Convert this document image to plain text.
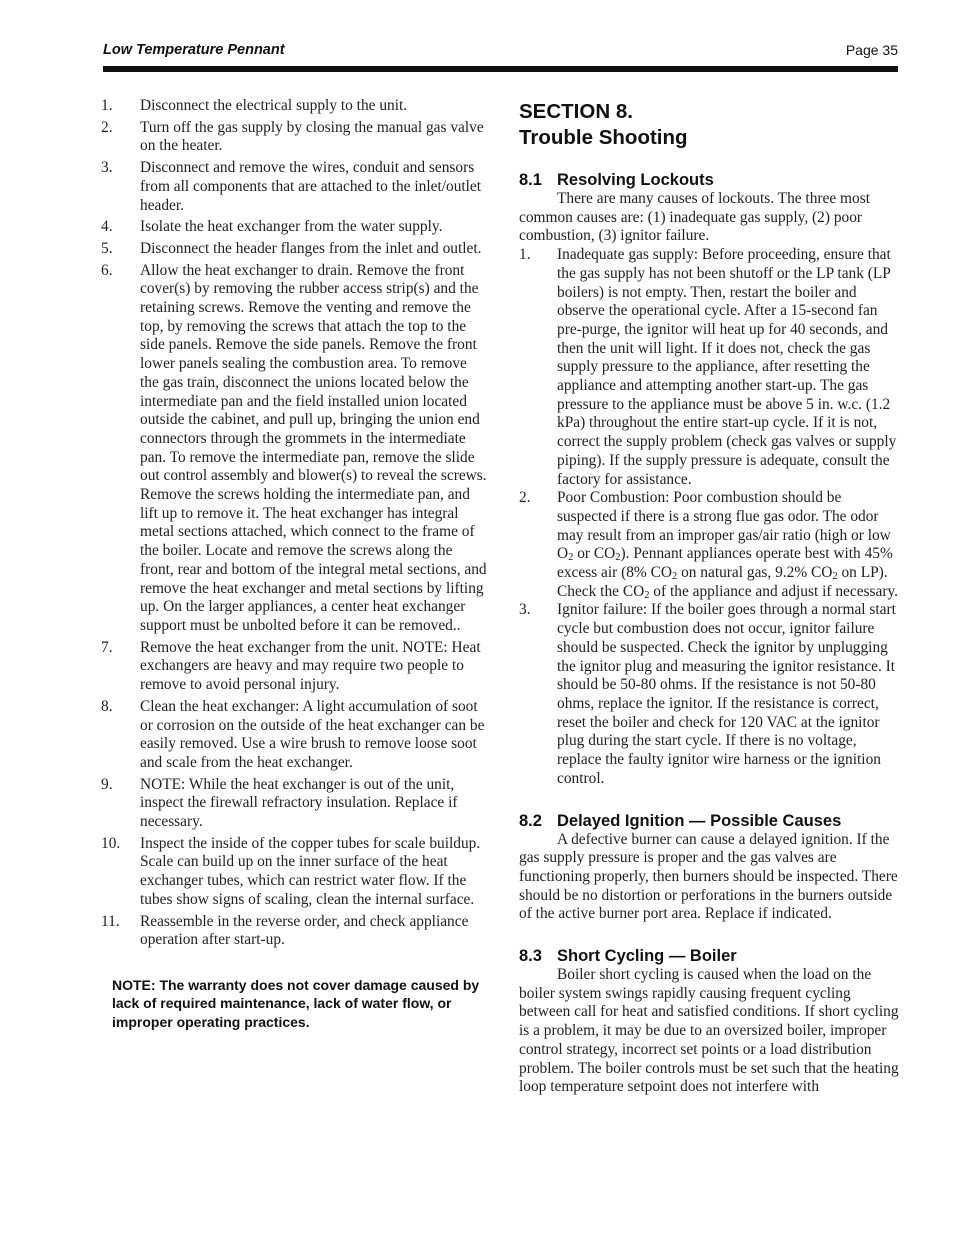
Low Temperature Pennant	Page 35
1. Disconnect the electrical supply to the unit.
2. Turn off the gas supply by closing the manual gas valve on the heater.
3. Disconnect and remove the wires, conduit and sensors from all components that are attached to the inlet/outlet header.
4. Isolate the heat exchanger from the water supply.
5. Disconnect the header flanges from the inlet and outlet.
6. Allow the heat exchanger to drain. Remove the front cover(s) by removing the rubber access strip(s) and the retaining screws. Remove the venting and remove the top, by removing the screws that attach the top to the side panels. Remove the side panels. Remove the front lower panels sealing the combustion area. To remove the gas train, disconnect the unions located below the intermediate pan and the field installed union located outside the cabinet, and pull up, bringing the union end connectors through the grommets in the intermediate pan. To remove the intermediate pan, remove the slide out control assembly and blower(s) to reveal the screws. Remove the screws holding the intermediate pan, and lift up to remove it. The heat exchanger has integral metal sections attached, which connect to the frame of the boiler. Locate and remove the screws along the front, rear and bottom of the integral metal sections, and remove the heat exchanger and metal sections by lifting up. On the larger appliances, a center heat exchanger support must be unbolted before it can be removed..
7. Remove the heat exchanger from the unit. NOTE: Heat exchangers are heavy and may require two people to remove to avoid personal injury.
8. Clean the heat exchanger: A light accumulation of soot or corrosion on the outside of the heat exchanger can be easily removed. Use a wire brush to remove loose soot and scale from the heat exchanger.
9. NOTE: While the heat exchanger is out of the unit, inspect the firewall refractory insulation. Replace if necessary.
10. Inspect the inside of the copper tubes for scale buildup. Scale can build up on the inner surface of the heat exchanger tubes, which can restrict water flow. If the tubes show signs of scaling, clean the internal surface.
11. Reassemble in the reverse order, and check appliance operation after start-up.

NOTE: The warranty does not cover damage caused by lack of required maintenance, lack of water flow, or improper operating practices.

SECTION 8.
Trouble Shooting
8.1 Resolving Lockouts

There are many causes of lockouts. The three most common causes are: (1) inadequate gas supply, (2) poor combustion, (3) ignitor failure.

1. Inadequate gas supply: Before proceeding, ensure that the gas supply has not been shutoff or the LP tank (LP boilers) is not empty. Then, restart the boiler and observe the operational cycle. After a 15-second fan pre-purge, the ignitor will heat up for 40 seconds, and then the unit will light. If it does not, check the gas supply pressure to the appliance, after resetting the appliance and attempting another start-up. The gas pressure to the appliance must be above 5 in. w.c. (1.2 kPa) throughout the entire start-up cycle. If it is not, correct the supply problem (check gas valves or supply piping). If the supply pressure is adequate, consult the factory for assistance.
2. Poor Combustion: Poor combustion should be suspected if there is a strong flue gas odor. The odor may result from an improper gas/air ratio (high or low $O_2$ or $CO_2$). Pennant appliances operate best with 45% excess air (8% $CO_2$ on natural gas, 9.2% $CO_2$ on LP). Check the $CO_2$ of the appliance and adjust if necessary.
3. Ignitor failure: If the boiler goes through a normal start cycle but combustion does not occur, ignitor failure should be suspected. Check the ignitor by unplugging the ignitor plug and measuring the ignitor resistance. It should be 50-80 ohms. If the resistance is not 50-80 ohms, replace the ignitor. If the resistance is correct, reset the boiler and check for 120 VAC at the ignitor plug during the start cycle. If there is no voltage, replace the faulty ignitor wire harness or the ignition control.
8.2 Delayed Ignition — Possible Causes

A defective burner can cause a delayed ignition. If the gas supply pressure is proper and the gas valves are functioning properly, then burners should be inspected. There should be no distortion or perforations in the burners outside of the active burner port area. Replace if indicated.

8.3 Short Cycling — Boiler

Boiler short cycling is caused when the load on the boiler system swings rapidly causing frequent cycling between call for heat and satisfied conditions. If short cycling is a problem, it may be due to an oversized boiler, improper control strategy, incorrect set points or a load distribution problem. The boiler controls must be set such that the heating loop temperature setpoint does not interfere with
